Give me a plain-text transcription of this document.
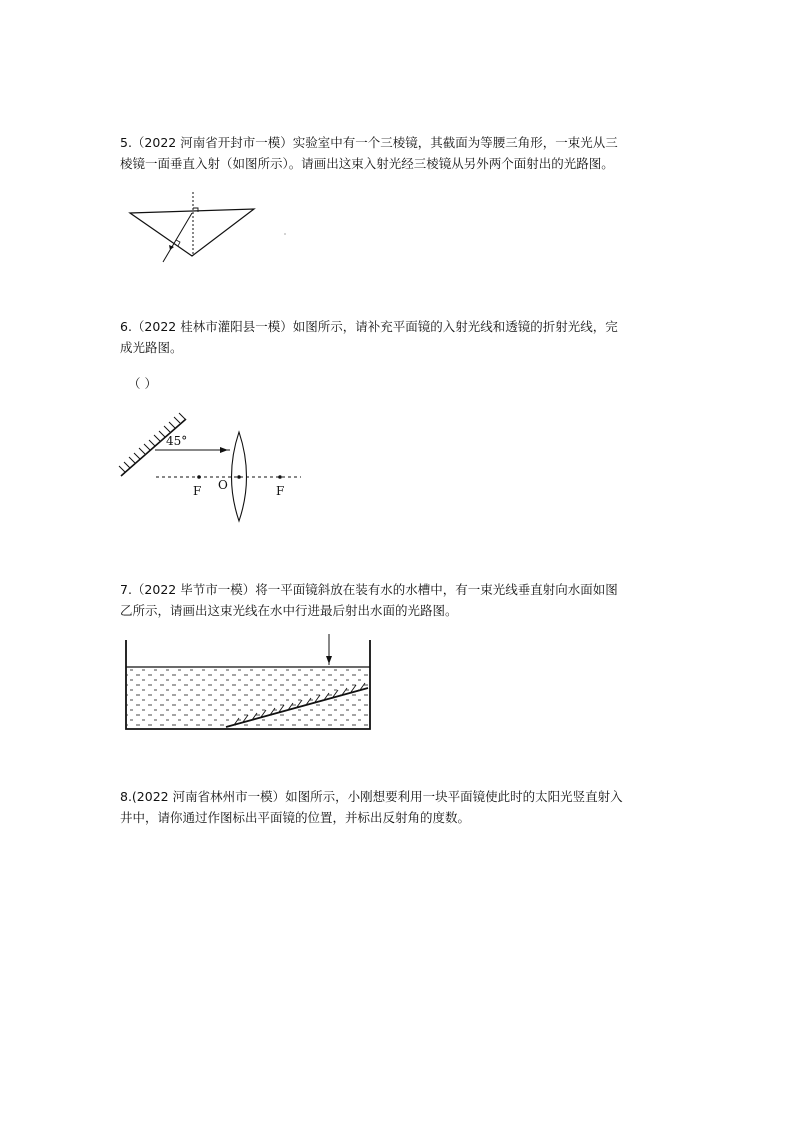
5.（2022 河南省开封市一模）实验室中有一个三棱镜，其截面为等腰三角形，一束光从三

棱镜一面垂直入射（如图所示）。请画出这束入射光经三棱镜从另外两个面射出的光路图。

6.（2022 桂林市灌阳县一模）如图所示，请补充平面镜的入射光线和透镜的折射光线，完

成光路图。

（ ）
45°
F O	F

7.（2022 毕节市一模）将一平面镜斜放在装有水的水槽中，有一束光线垂直射向水面如图

乙所示，请画出这束光线在水中行进最后射出水面的光路图。

8.(2022 河南省林州市一模）如图所示，小刚想要利用一块平面镜使此时的太阳光竖直射入

井中，请你通过作图标出平面镜的位置，并标出反射角的度数。
